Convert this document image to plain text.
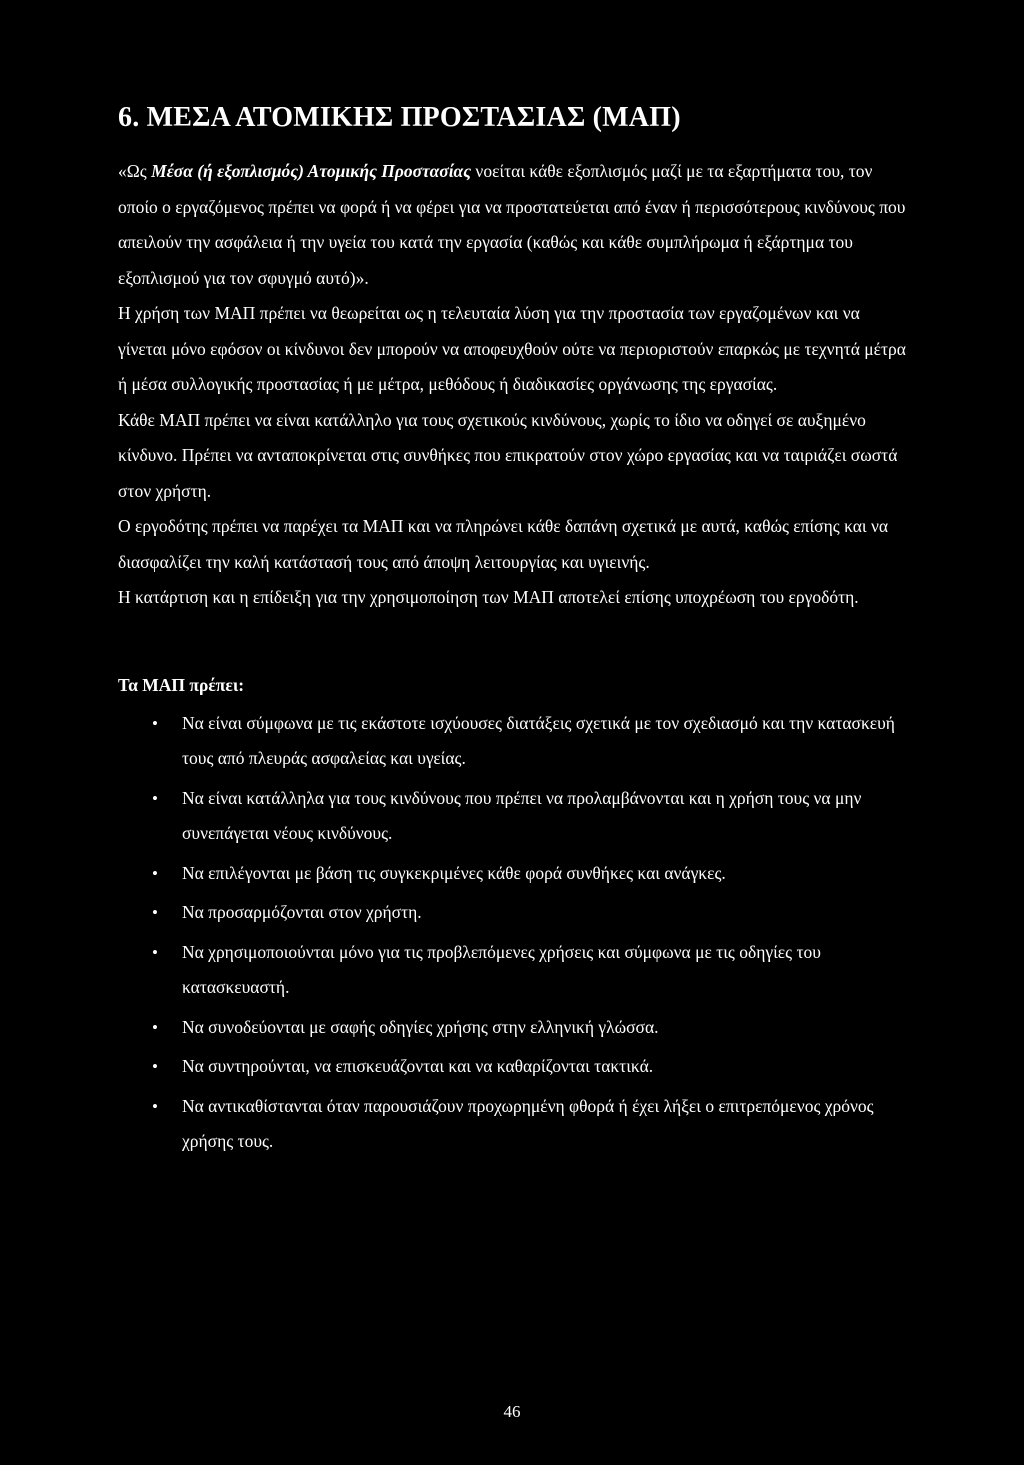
6. ΜΕΣΑ ΑΤΟΜΙΚΗΣ ΠΡΟΣΤΑΣΙΑΣ (ΜΑΠ)

«Ως Μέσα (ή εξοπλισμός) Ατομικής Προστασίας νοείται κάθε εξοπλισμός μαζί με τα εξαρτήματα του, τον οποίο ο εργαζόμενος πρέπει να φορά ή να φέρει για να προστατεύεται από έναν ή περισσότερους κινδύνους που απειλούν την ασφάλεια ή την υγεία του κατά την εργασία (καθώς και κάθε συμπλήρωμα ή εξάρτημα του εξοπλισμού για τον σφυγμό αυτό)».

Η χρήση των ΜΑΠ πρέπει να θεωρείται ως η τελευταία λύση για την προστασία των εργαζομένων και να γίνεται μόνο εφόσον οι κίνδυνοι δεν μπορούν να αποφευχθούν ούτε να περιοριστούν επαρκώς με τεχνητά μέτρα ή μέσα συλλογικής προστασίας ή με μέτρα, μεθόδους ή διαδικασίες οργάνωσης της εργασίας.

Κάθε ΜΑΠ πρέπει να είναι κατάλληλο για τους σχετικούς κινδύνους, χωρίς το ίδιο να οδηγεί σε αυξημένο κίνδυνο. Πρέπει να ανταποκρίνεται στις συνθήκες που επικρατούν στον χώρο εργασίας και να ταιριάζει σωστά στον χρήστη.

Ο εργοδότης πρέπει να παρέχει τα ΜΑΠ και να πληρώνει κάθε δαπάνη σχετικά με αυτά, καθώς επίσης και να διασφαλίζει την καλή κατάστασή τους από άποψη λειτουργίας και υγιεινής.

Η κατάρτιση και η επίδειξη για την χρησιμοποίηση των ΜΑΠ αποτελεί επίσης υποχρέωση του εργοδότη.

Τα ΜΑΠ πρέπει:
• Να είναι σύμφωνα με τις εκάστοτε ισχύουσες διατάξεις σχετικά με τον σχεδιασμό και την κατασκευή τους από πλευράς ασφαλείας και υγείας.
• Να είναι κατάλληλα για τους κινδύνους που πρέπει να προλαμβάνονται και η χρήση τους να μην συνεπάγεται νέους κινδύνους.
• Να επιλέγονται με βάση τις συγκεκριμένες κάθε φορά συνθήκες και ανάγκες.
• Να προσαρμόζονται στον χρήστη.
• Να χρησιμοποιούνται μόνο για τις προβλεπόμενες χρήσεις και σύμφωνα με τις οδηγίες του κατασκευαστή.
• Να συνοδεύονται με σαφής οδηγίες χρήσης στην ελληνική γλώσσα.
• Να συντηρούνται, να επισκευάζονται και να καθαρίζονται τακτικά.
• Να αντικαθίστανται όταν παρουσιάζουν προχωρημένη φθορά ή έχει λήξει ο επιτρεπόμενος χρόνος χρήσης τους.
46
